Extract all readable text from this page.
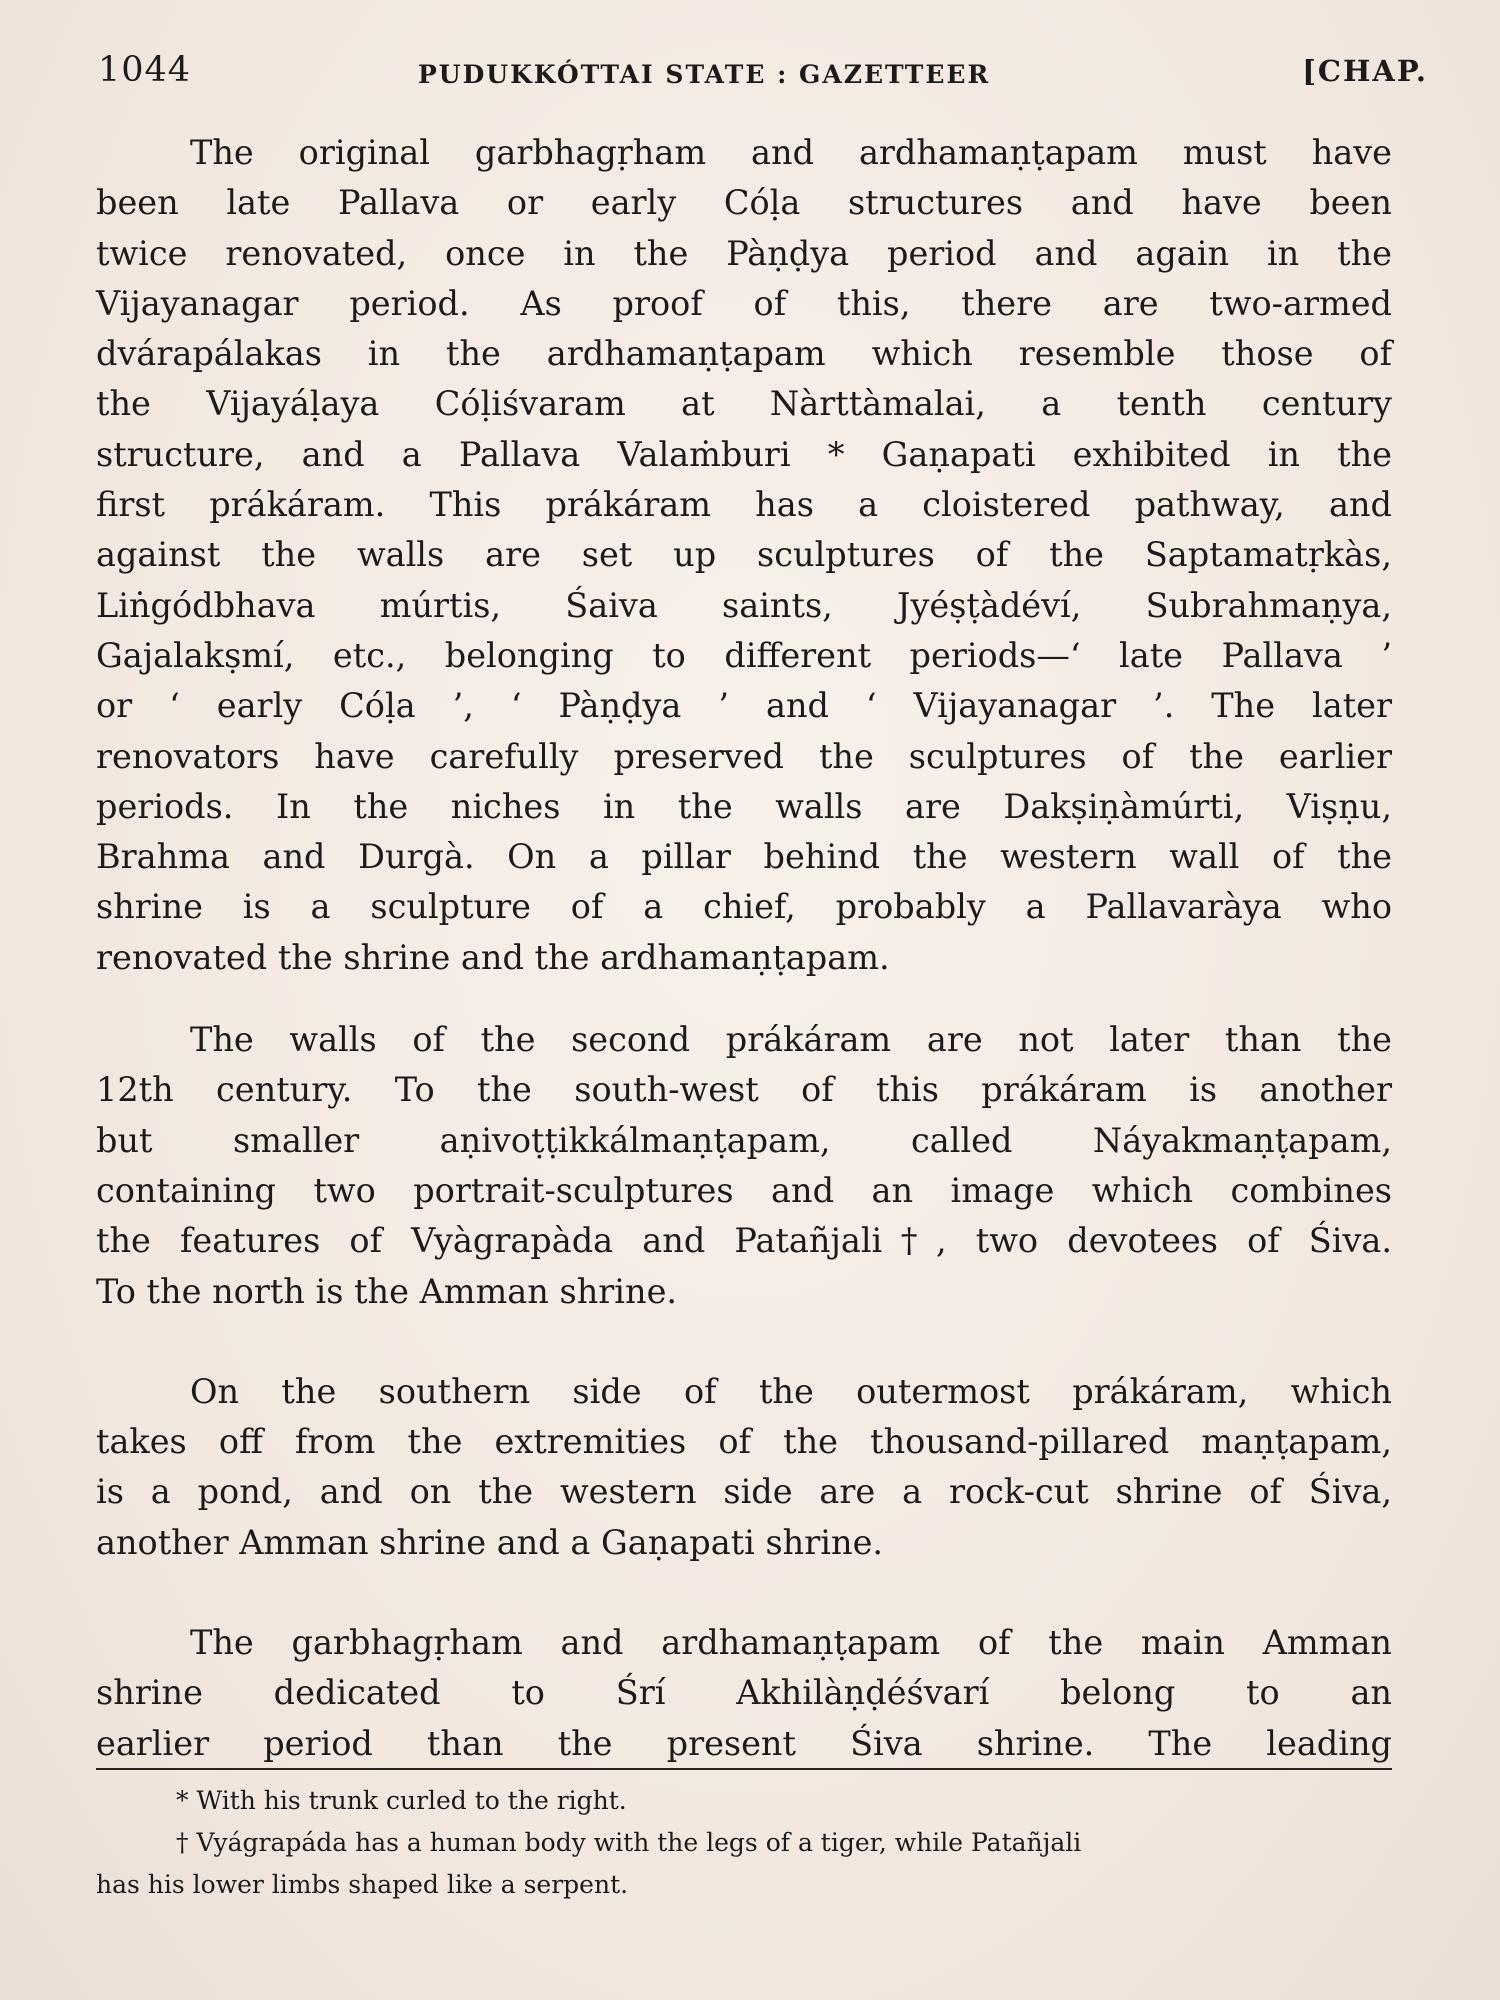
1044	PUDUKKÓTTAI STATE : GAZETTEER	[CHAP.
The original garbhagṛham and ardhamaṇṭapam must have
been late Pallava or early Cóḷa structures and have been
twice renovated, once in the Pàṇḍya period and again in the
Vijayanagar period. As proof of this, there are two-armed
dvárapálakas in the ardhamaṇṭapam which resemble those of
the Vijayáḷaya Cóḷiśvaram at Nàrttàmalai, a tenth century
structure, and a Pallava Valaṁburi * Gaṇapati exhibited in the
first prákáram. This prákáram has a cloistered pathway, and
against the walls are set up sculptures of the Saptamatṛkàs,
Liṅgódbhava múrtis, Śaiva saints, Jyéṣṭàdéví, Subrahmaṇya,
Gajalakṣmí, etc., belonging to different periods—‘ late Pallava ’
or ‘ early Cóḷa ’, ‘ Pàṇḍya ’ and ‘ Vijayanagar ’. The later
renovators have carefully preserved the sculptures of the earlier
periods. In the niches in the walls are Dakṣiṇàmúrti, Viṣṇu,
Brahma and Durgà. On a pillar behind the western wall of the
shrine is a sculpture of a chief, probably a Pallavaràya who
renovated the shrine and the ardhamaṇṭapam.
The walls of the second prákáram are not later than the
12th century. To the south-west of this prákáram is another
but smaller aṇivoṭṭikkálmaṇṭapam, called Náyakmaṇṭapam,
containing two portrait-sculptures and an image which combines
the features of Vyàgrapàda and Patañjali†, two devotees of Śiva.
To the north is the Amman shrine.
On the southern side of the outermost prákáram, which
takes off from the extremities of the thousand-pillared maṇṭapam,
is a pond, and on the western side are a rock-cut shrine of Śiva,
another Amman shrine and a Gaṇapati shrine.
The garbhagṛham and ardhamaṇṭapam of the main Amman
shrine dedicated to Śrí Akhilàṇḍéśvarí belong to an
earlier period than the present Śiva shrine. The leading
* With his trunk curled to the right.
† Vyágrapáda has a human body with the legs of a tiger, while Patañjali
has his lower limbs shaped like a serpent.
